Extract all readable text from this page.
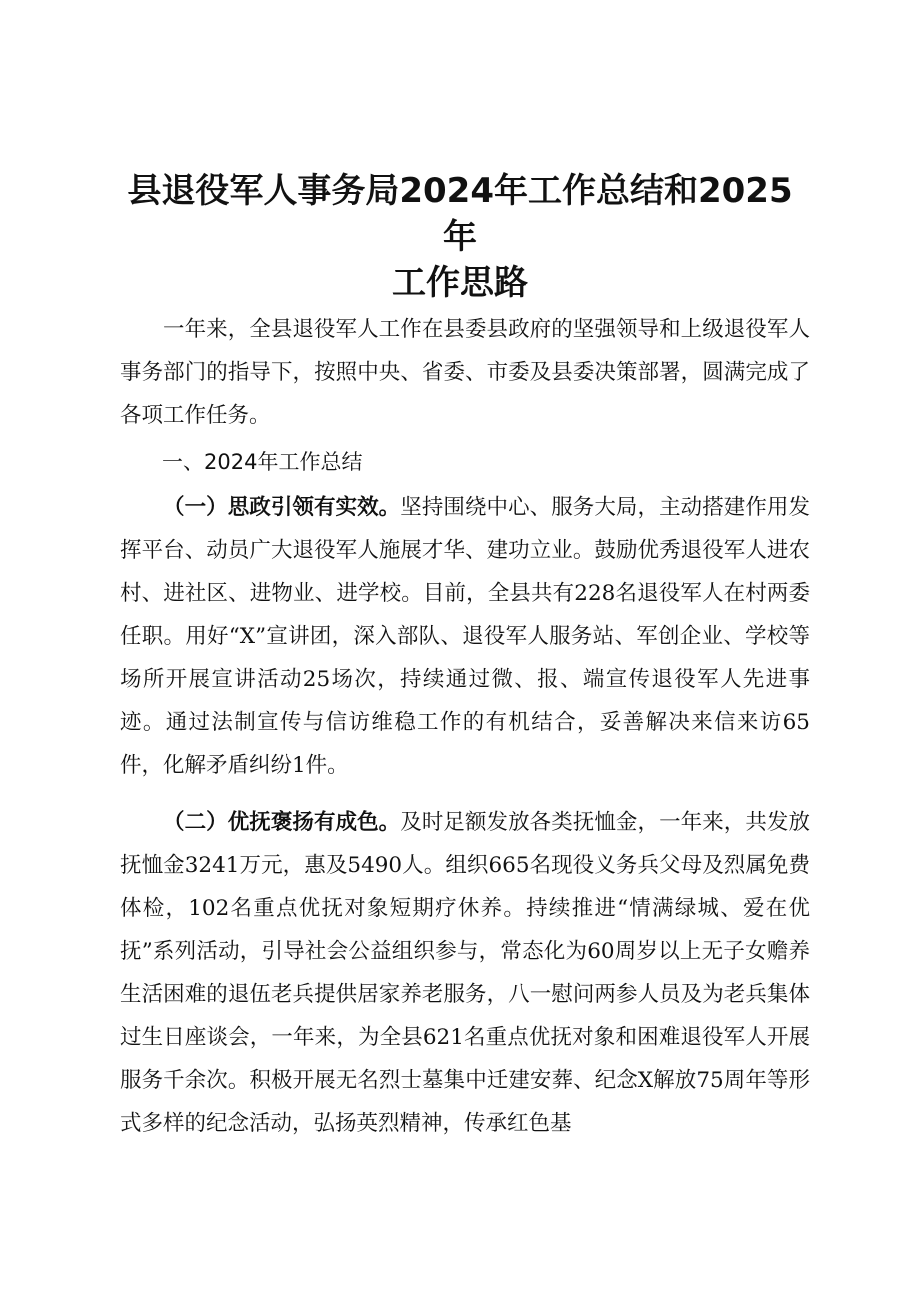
县退役军人事务局2024年工作总结和2025年
工作思路

一年来，全县退役军人工作在县委县政府的坚强领导和上级退役军人事务部门的指导下，按照中央、省委、市委及县委决策部署，圆满完成了各项工作任务。

一、2024年工作总结

（一）思政引领有实效。坚持围绕中心、服务大局，主动搭建作用发挥平台、动员广大退役军人施展才华、建功立业。鼓励优秀退役军人进农村、进社区、进物业、进学校。目前，全县共有228名退役军人在村两委任职。用好“X”宣讲团，深入部队、退役军人服务站、军创企业、学校等场所开展宣讲活动25场次，持续通过微、报、端宣传退役军人先进事迹。通过法制宣传与信访维稳工作的有机结合，妥善解决来信来访65件，化解矛盾纠纷1件。

（二）优抚褒扬有成色。及时足额发放各类抚恤金，一年来，共发放抚恤金3241万元，惠及5490人。组织665名现役义务兵父母及烈属免费体检，102名重点优抚对象短期疗休养。持续推进“情满绿城、爱在优抚”系列活动，引导社会公益组织参与，常态化为60周岁以上无子女赡养生活困难的退伍老兵提供居家养老服务，八一慰问两参人员及为老兵集体过生日座谈会，一年来，为全县621名重点优抚对象和困难退役军人开展服务千余次。积极开展无名烈士墓集中迁建安葬、纪念X解放75周年等形式多样的纪念活动，弘扬英烈精神，传承红色基
